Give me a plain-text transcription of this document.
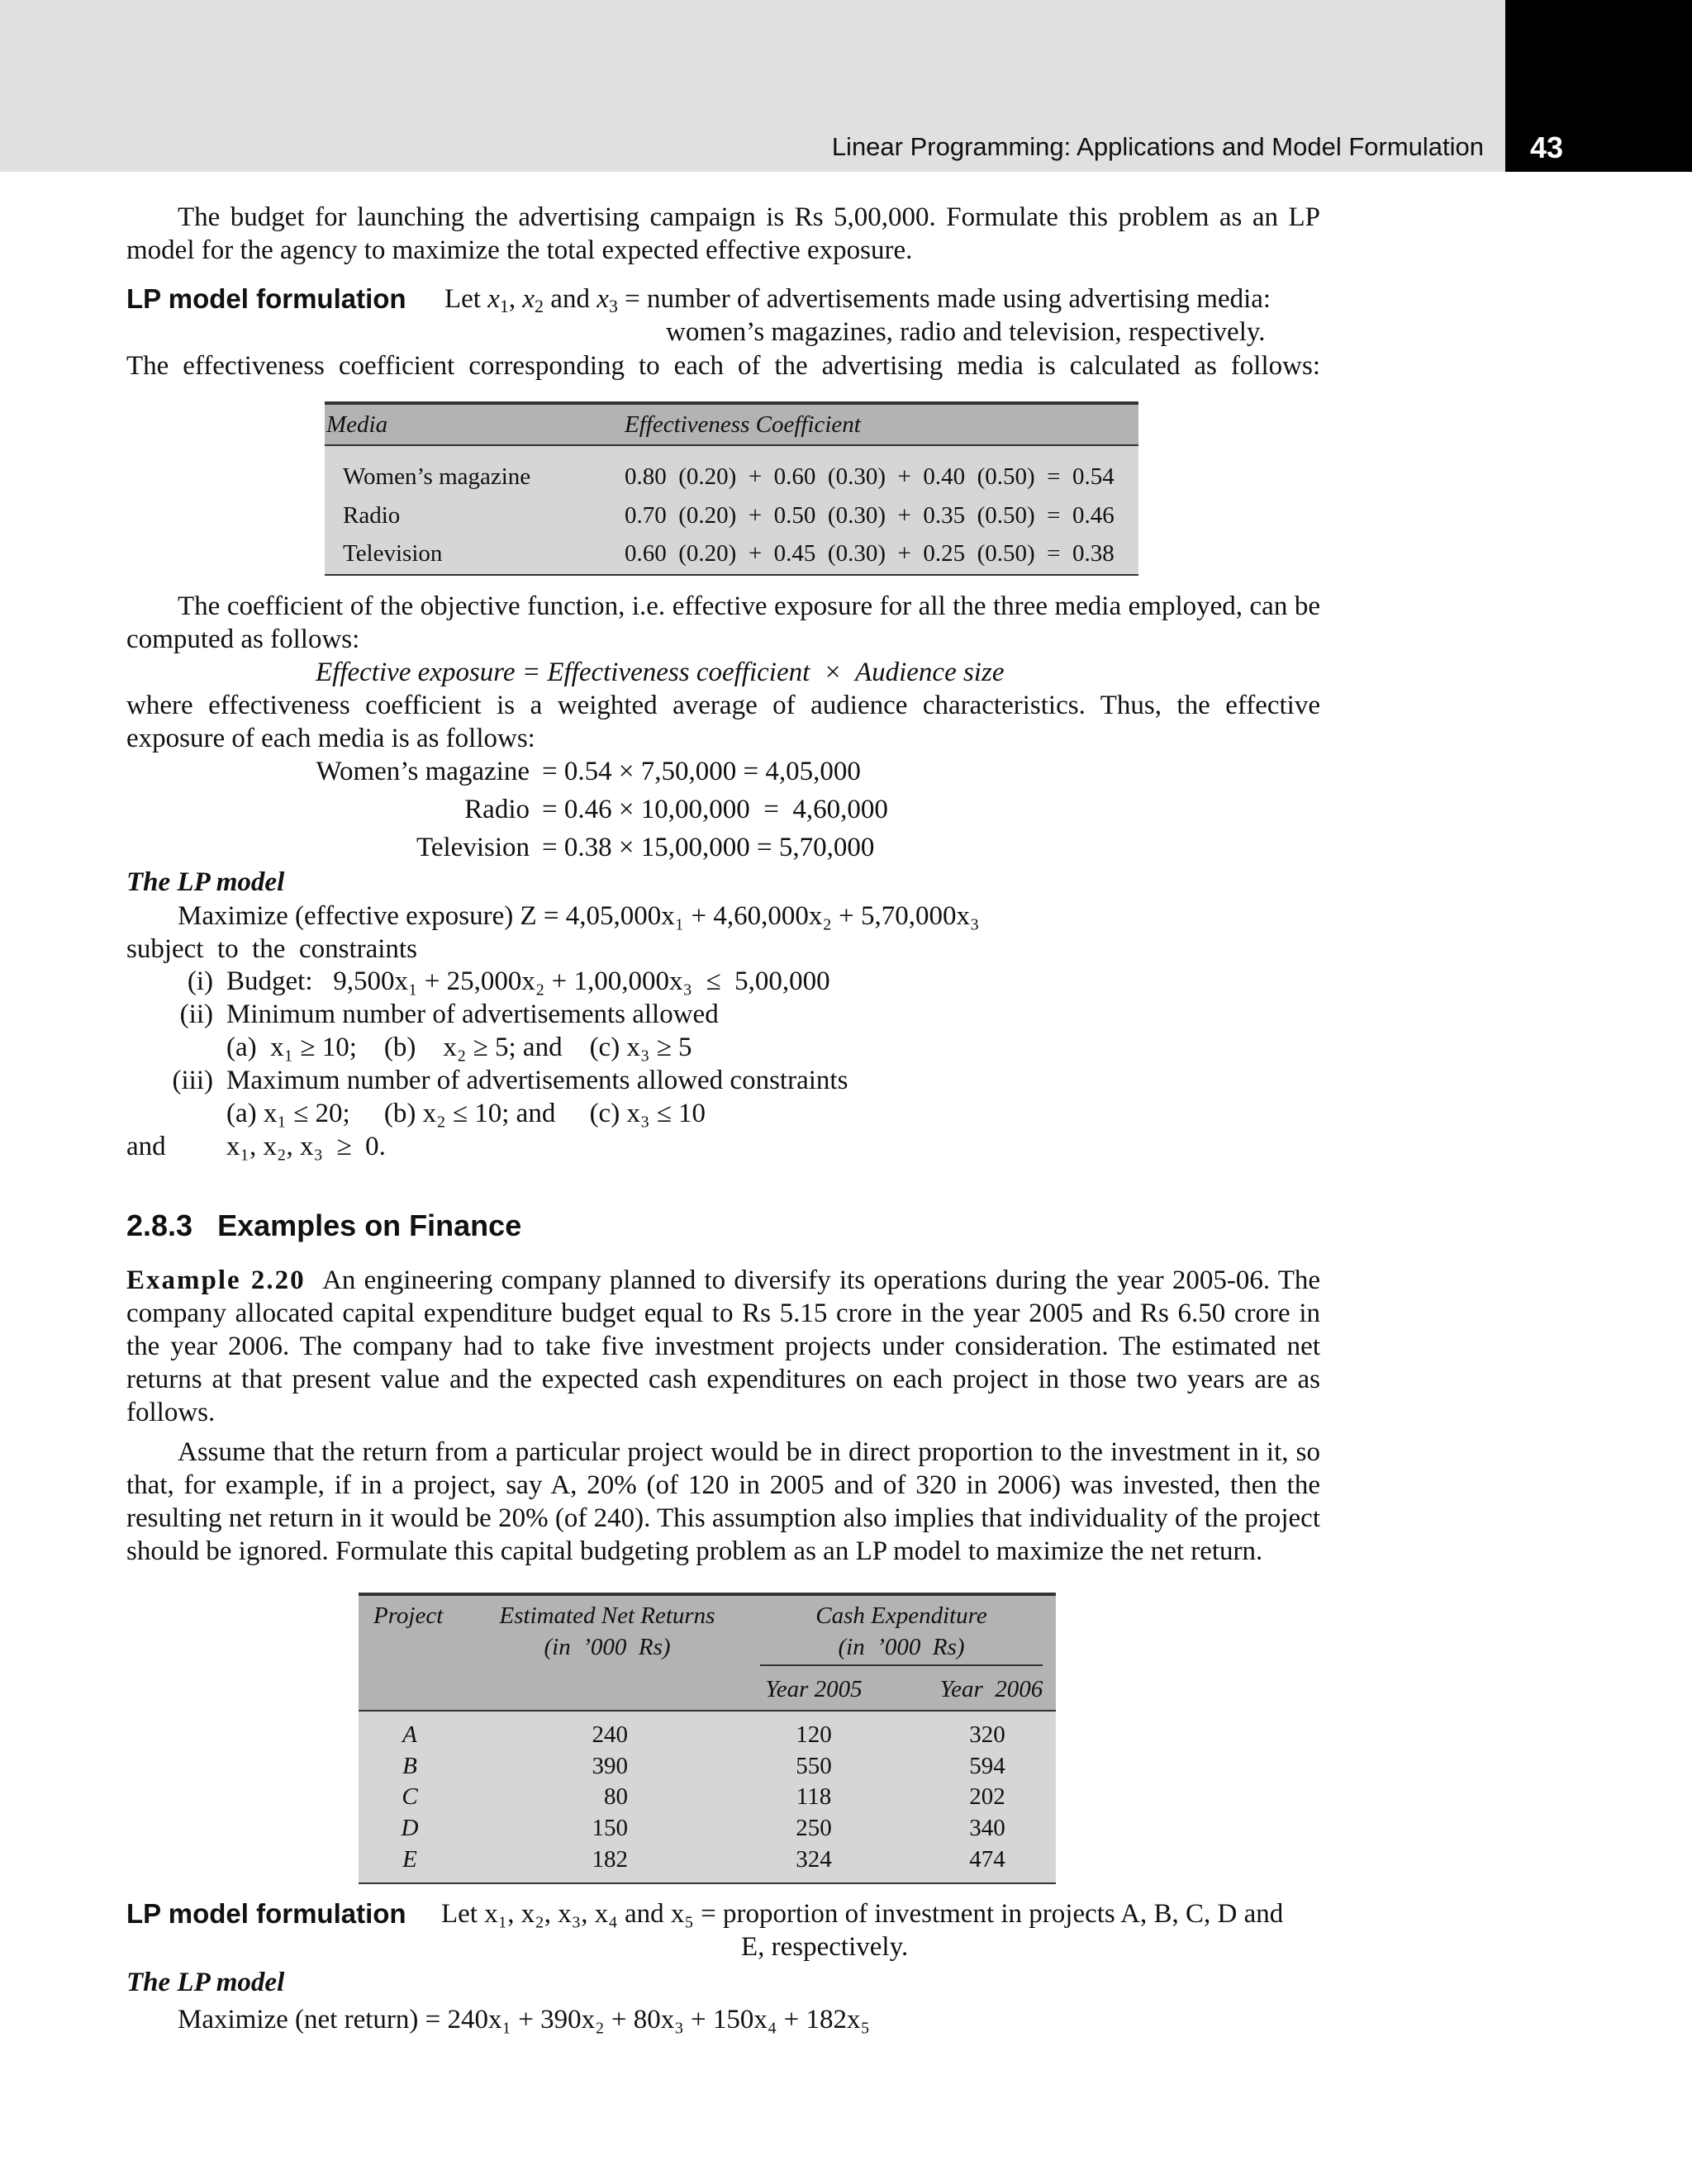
Linear Programming: Applications and Model Formulation 43
The budget for launching the advertising campaign is Rs 5,00,000. Formulate this problem as an LP model for the agency to maximize the total expected effective exposure.
LP model formulation Let $x_1$, $x_2$ and $x_3$ = number of advertisements made using advertising media:
women’s magazines, radio and television, respectively.
The effectiveness coefficient corresponding to each of the advertising media is calculated as follows:
Media	Effectiveness Coefficient
Women’s magazine	0.80  (0.20)  +  0.60  (0.30)  +  0.40  (0.50)  =  0.54
Radio	0.70  (0.20)  +  0.50  (0.30)  +  0.35  (0.50)  =  0.46
Television	0.60  (0.20)  +  0.45  (0.30)  +  0.25  (0.50)  =  0.38
The coefficient of the objective function, i.e. effective exposure for all the three media employed, can be computed as follows:
Effective exposure = Effectiveness coefficient  ×  Audience size
where effectiveness coefficient is a weighted average of audience characteristics. Thus, the effective exposure of each media is as follows:
Women’s magazine = 0.54 × 7,50,000 = 4,05,000
Radio = 0.46 × 10,00,000  =  4,60,000
Television = 0.38 × 15,00,000 = 5,70,000
The LP model
Maximize (effective exposure) Z = 4,05,000x₁ + 4,60,000x₂ + 5,70,000x₃
subject  to  the  constraints
(i) Budget:   9,500x₁ + 25,000x₂ + 1,00,000x₃  ≤  5,00,000
(ii) Minimum number of advertisements allowed
(a)  x₁ ≥ 10;    (b)    x₂ ≥ 5; and    (c) x₃ ≥ 5
(iii) Maximum number of advertisements allowed constraints
(a) x₁ ≤ 20;     (b) x₂ ≤ 10; and     (c) x₃ ≤ 10
and x₁, x₂, x₃  ≥  0.
2.8.3 Examples on Finance
Example 2.20 An engineering company planned to diversify its operations during the year 2005-06. The company allocated capital expenditure budget equal to Rs 5.15 crore in the year 2005 and Rs 6.50 crore in the year 2006. The company had to take five investment projects under consideration. The estimated net returns at that present value and the expected cash expenditures on each project in those two years are as follows.
Assume that the return from a particular project would be in direct proportion to the investment in it, so that, for example, if in a project, say A, 20% (of 120 in 2005 and of 320 in 2006) was invested, then the resulting net return in it would be 20% (of 240). This assumption also implies that individuality of the project should be ignored. Formulate this capital budgeting problem as an LP model to maximize the net return.
Project	Estimated Net Returns
(in  ’000  Rs)
Cash Expenditure
(in  ’000  Rs)
Year 2005	Year  2006
A	240	120	320
B	390	550	594
C	80	118	202
D	150	250	340
E	182	324	474
LP model formulation Let x₁, x₂, x₃, x₄ and x₅ = proportion of investment in projects A, B, C, D and
E, respectively.
The LP model
Maximize (net return) = 240x₁ + 390x₂ + 80x₃ + 150x₄ + 182x₅
